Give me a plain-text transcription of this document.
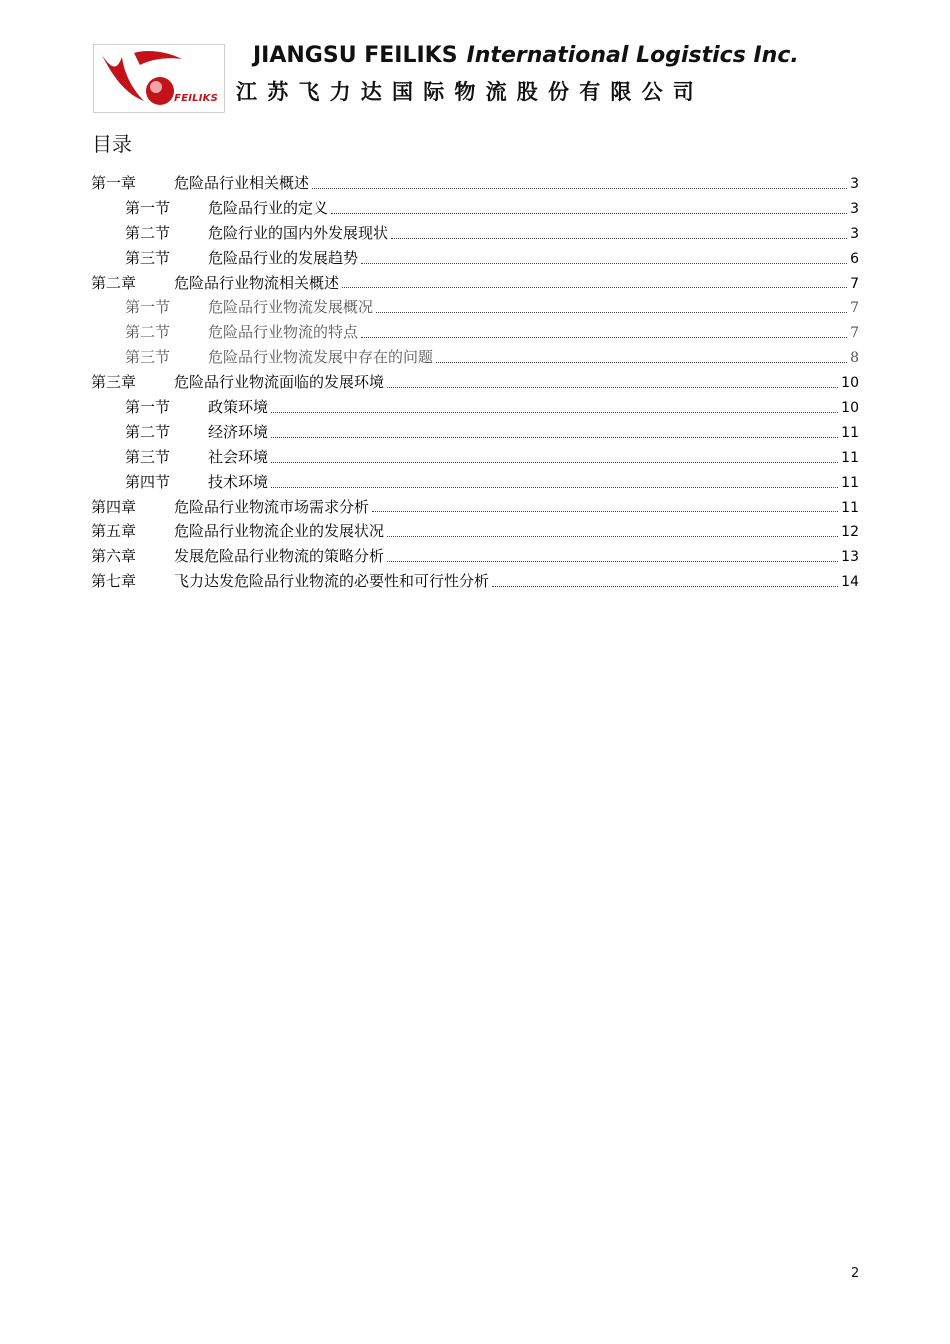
FEILIKS
JIANGSU FEILIKS International Logistics Inc.
江苏飞力达国际物流股份有限公司
目录
第一章	危险品行业相关概述	3
第一节	危险品行业的定义	3
第二节	危险行业的国内外发展现状	3
第三节	危险品行业的发展趋势	6
第二章	危险品行业物流相关概述	7
第一节	危险品行业物流发展概况	7
第二节	危险品行业物流的特点	7
第三节	危险品行业物流发展中存在的问题	8
第三章	危险品行业物流面临的发展环境	10
第一节	政策环境	10
第二节	经济环境	11
第三节	社会环境	11
第四节	技术环境	11
第四章	危险品行业物流市场需求分析	11
第五章	危险品行业物流企业的发展状况	12
第六章	发展危险品行业物流的策略分析	13
第七章	飞力达发危险品行业物流的必要性和可行性分析	14
2
